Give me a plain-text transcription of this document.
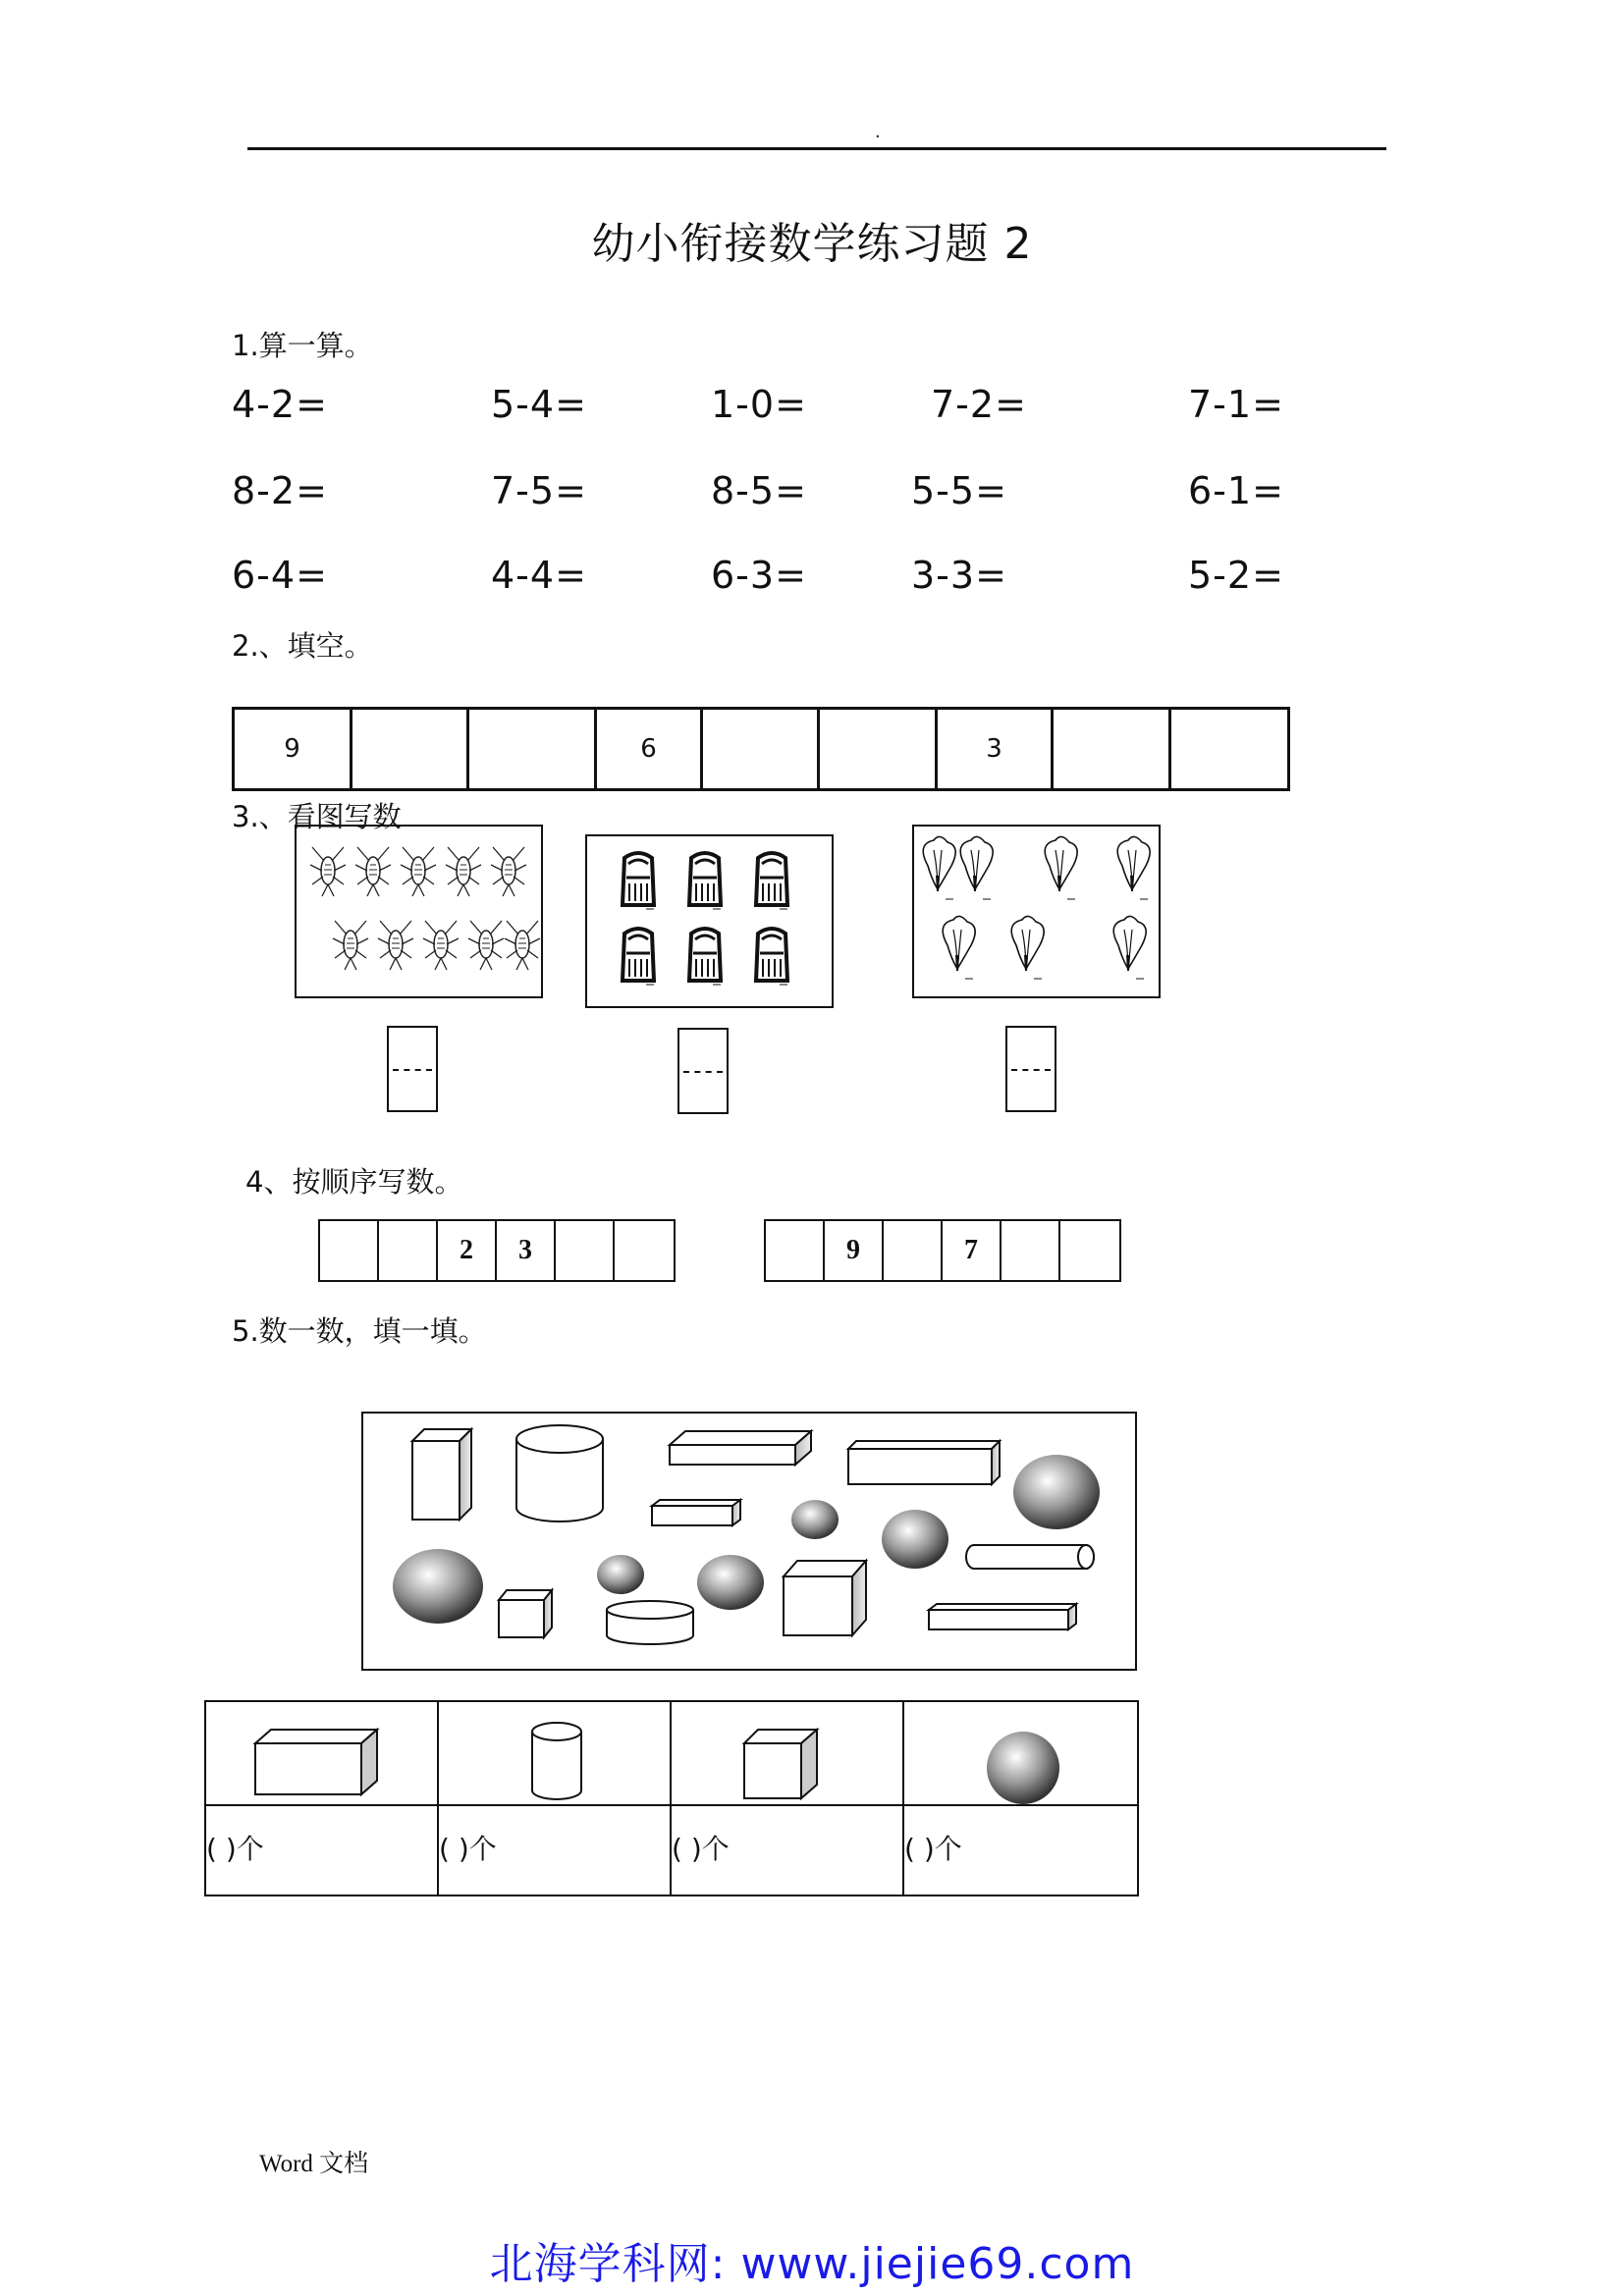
.
幼小衔接数学练习题 2
1.算一算。
4-2=	5-4=	1-0=	7-2=	7-1=
8-2=	7-5=	8-5=	5-5=	6-1=
6-4=	4-4=	6-3=	3-3=	5-2=
2.、填空。
9	6	3
3.、看图写数
4、按顺序写数。
2	3	9	7
5.数一数，填一填。
( )个	( )个	( )个	( )个
Word 文档
北海学科网: www.jiejie69.com
